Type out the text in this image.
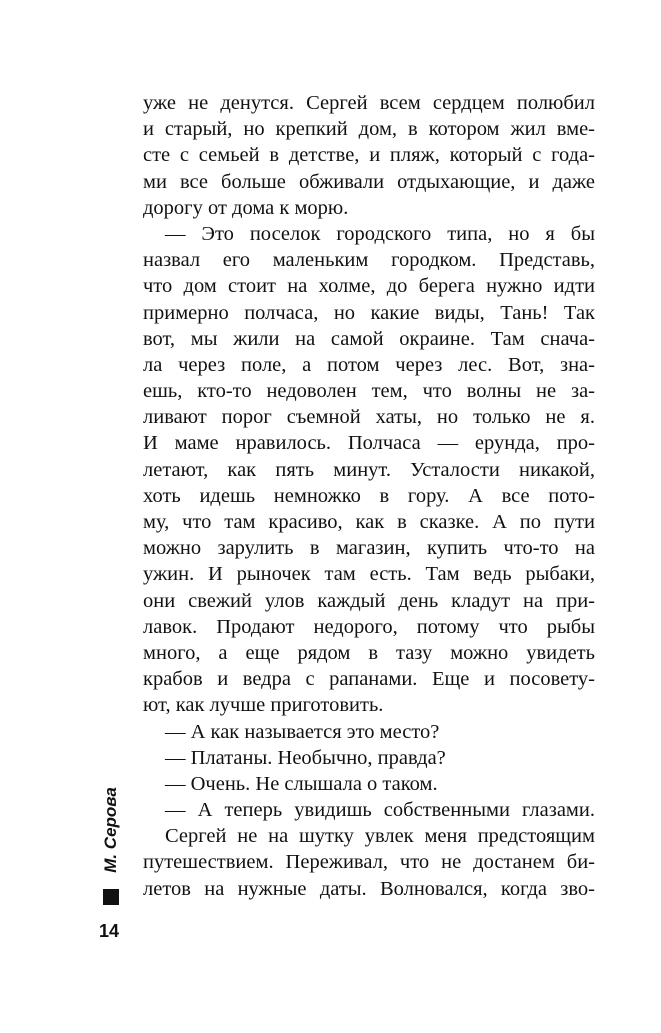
уже не денутся. Сергей всем сердцем полюбил
и старый, но крепкий дом, в котором жил вме-
сте с семьей в детстве, и пляж, который с года-
ми все больше обживали отдыхающие, и даже
дорогу от дома к морю.
— Это поселок городского типа, но я бы
назвал его маленьким городком. Представь,
что дом стоит на холме, до берега нужно идти
примерно полчаса, но какие виды, Тань! Так
вот, мы жили на самой окраине. Там снача-
ла через поле, а потом через лес. Вот, зна-
ешь, кто-то недоволен тем, что волны не за-
ливают порог съемной хаты, но только не я.
И маме нравилось. Полчаса — ерунда, про-
летают, как пять минут. Усталости никакой,
хоть идешь немножко в гору. А все пото-
му, что там красиво, как в сказке. А по пути
можно зарулить в магазин, купить что-то на
ужин. И рыночек там есть. Там ведь рыбаки,
они свежий улов каждый день кладут на при-
лавок. Продают недорого, потому что рыбы
много, а еще рядом в тазу можно увидеть
крабов и ведра с рапанами. Еще и посовету-
ют, как лучше приготовить.
— А как называется это место?
— Платаны. Необычно, правда?
— Очень. Не слышала о таком.
— А теперь увидишь собственными глазами.
Сергей не на шутку увлек меня предстоящим
путешествием. Переживал, что не достанем би-
летов на нужные даты. Волновался, когда зво-
М. Серова
14
